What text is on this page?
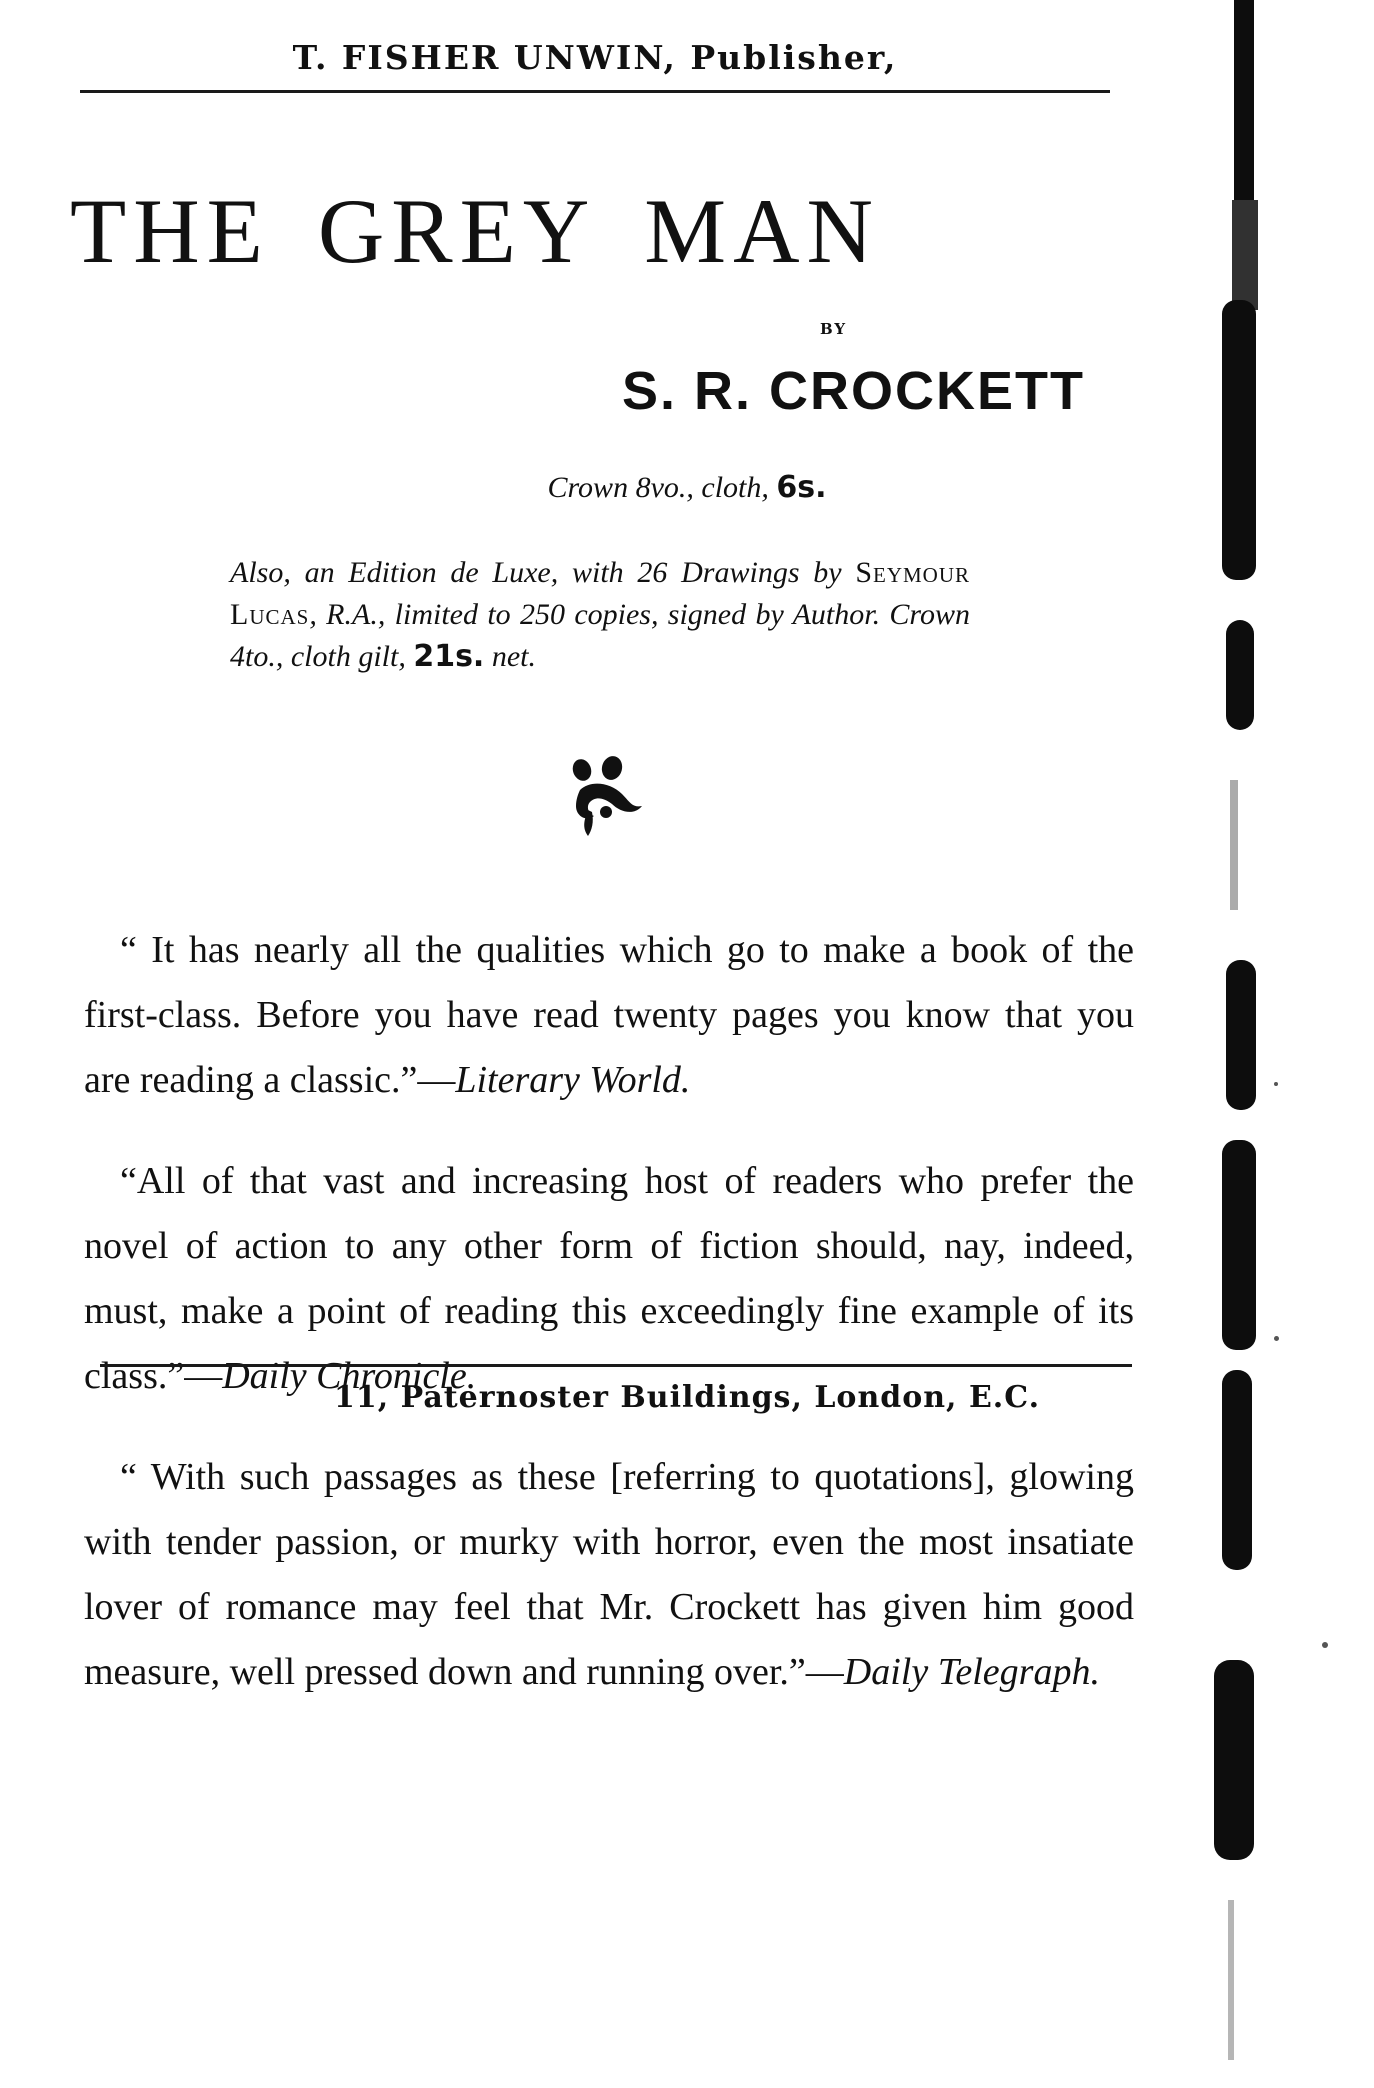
T. FISHER UNWIN, Publisher,
THE GREY MAN
BY
S. R. CROCKETT
Crown 8vo., cloth, 6s.
Also, an Edition de Luxe, with 26 Drawings by Seymour Lucas, R.A., limited to 250 copies, signed by Author. Crown 4to., cloth gilt, 21s. net.

“ It has nearly all the qualities which go to make a book of the first-class. Before you have read twenty pages you know that you are reading a classic.”—Literary World.

“All of that vast and increasing host of readers who prefer the novel of action to any other form of fiction should, nay, indeed, must, make a point of reading this exceedingly fine example of its class.”—Daily Chronicle.

“ With such passages as these [referring to quotations], glowing with tender passion, or murky with horror, even the most insatiate lover of romance may feel that Mr. Crockett has given him good measure, well pressed down and running over.”—Daily Telegraph.

11, Paternoster Buildings, London, E.C.
